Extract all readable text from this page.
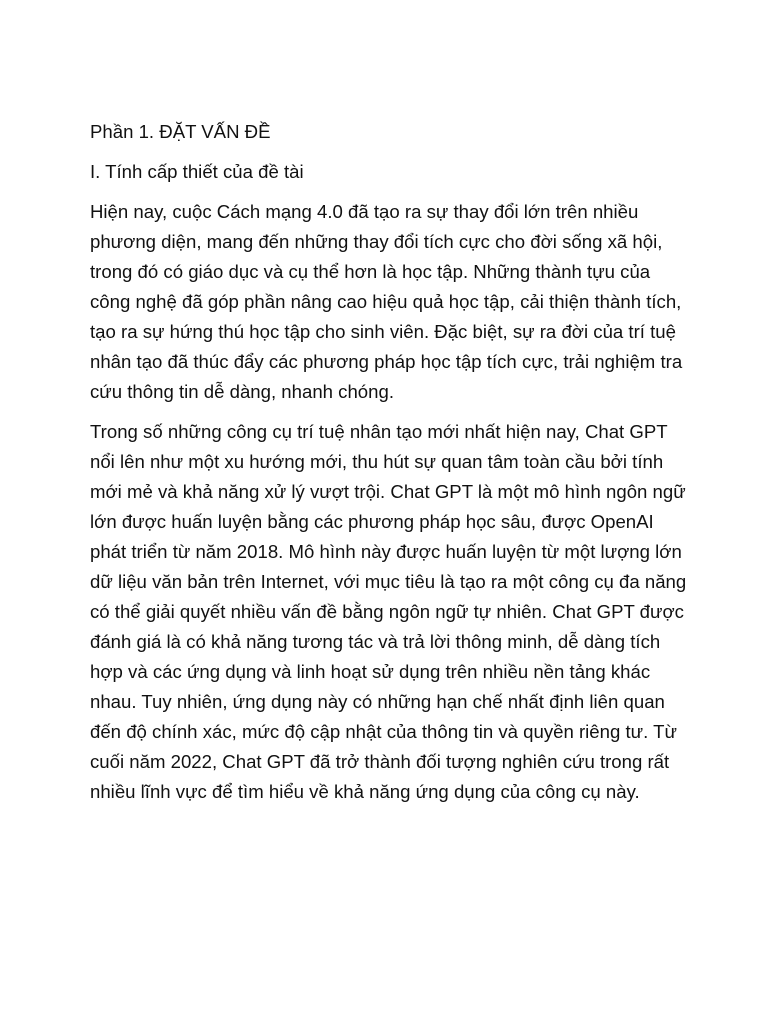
Phần 1. ĐẶT VẤN ĐỀ

I. Tính cấp thiết của đề tài

Hiện nay, cuộc Cách mạng 4.0 đã tạo ra sự thay đổi lớn trên nhiều phương diện, mang đến những thay đổi tích cực cho đời sống xã hội, trong đó có giáo dục và cụ thể hơn là học tập. Những thành tựu của công nghệ đã góp phần nâng cao hiệu quả học tập, cải thiện thành tích, tạo ra sự hứng thú học tập cho sinh viên. Đặc biệt, sự ra đời của trí tuệ nhân tạo đã thúc đẩy các phương pháp học tập tích cực, trải nghiệm tra cứu thông tin dễ dàng, nhanh chóng.

Trong số những công cụ trí tuệ nhân tạo mới nhất hiện nay, Chat GPT nổi lên như một xu hướng mới, thu hút sự quan tâm toàn cầu bởi tính mới mẻ và khả năng xử lý vượt trội. Chat GPT là một mô hình ngôn ngữ lớn được huấn luyện bằng các phương pháp học sâu, được OpenAI phát triển từ năm 2018. Mô hình này được huấn luyện từ một lượng lớn dữ liệu văn bản trên Internet, với mục tiêu là tạo ra một công cụ đa năng có thể giải quyết nhiều vấn đề bằng ngôn ngữ tự nhiên. Chat GPT được đánh giá là có khả năng tương tác và trả lời thông minh, dễ dàng tích hợp và các ứng dụng và linh hoạt sử dụng trên nhiều nền tảng khác nhau. Tuy nhiên, ứng dụng này có những hạn chế nhất định liên quan đến độ chính xác, mức độ cập nhật của thông tin và quyền riêng tư. Từ cuối năm 2022, Chat GPT đã trở thành đối tượng nghiên cứu trong rất nhiều lĩnh vực để tìm hiểu về khả năng ứng dụng của công cụ này.
